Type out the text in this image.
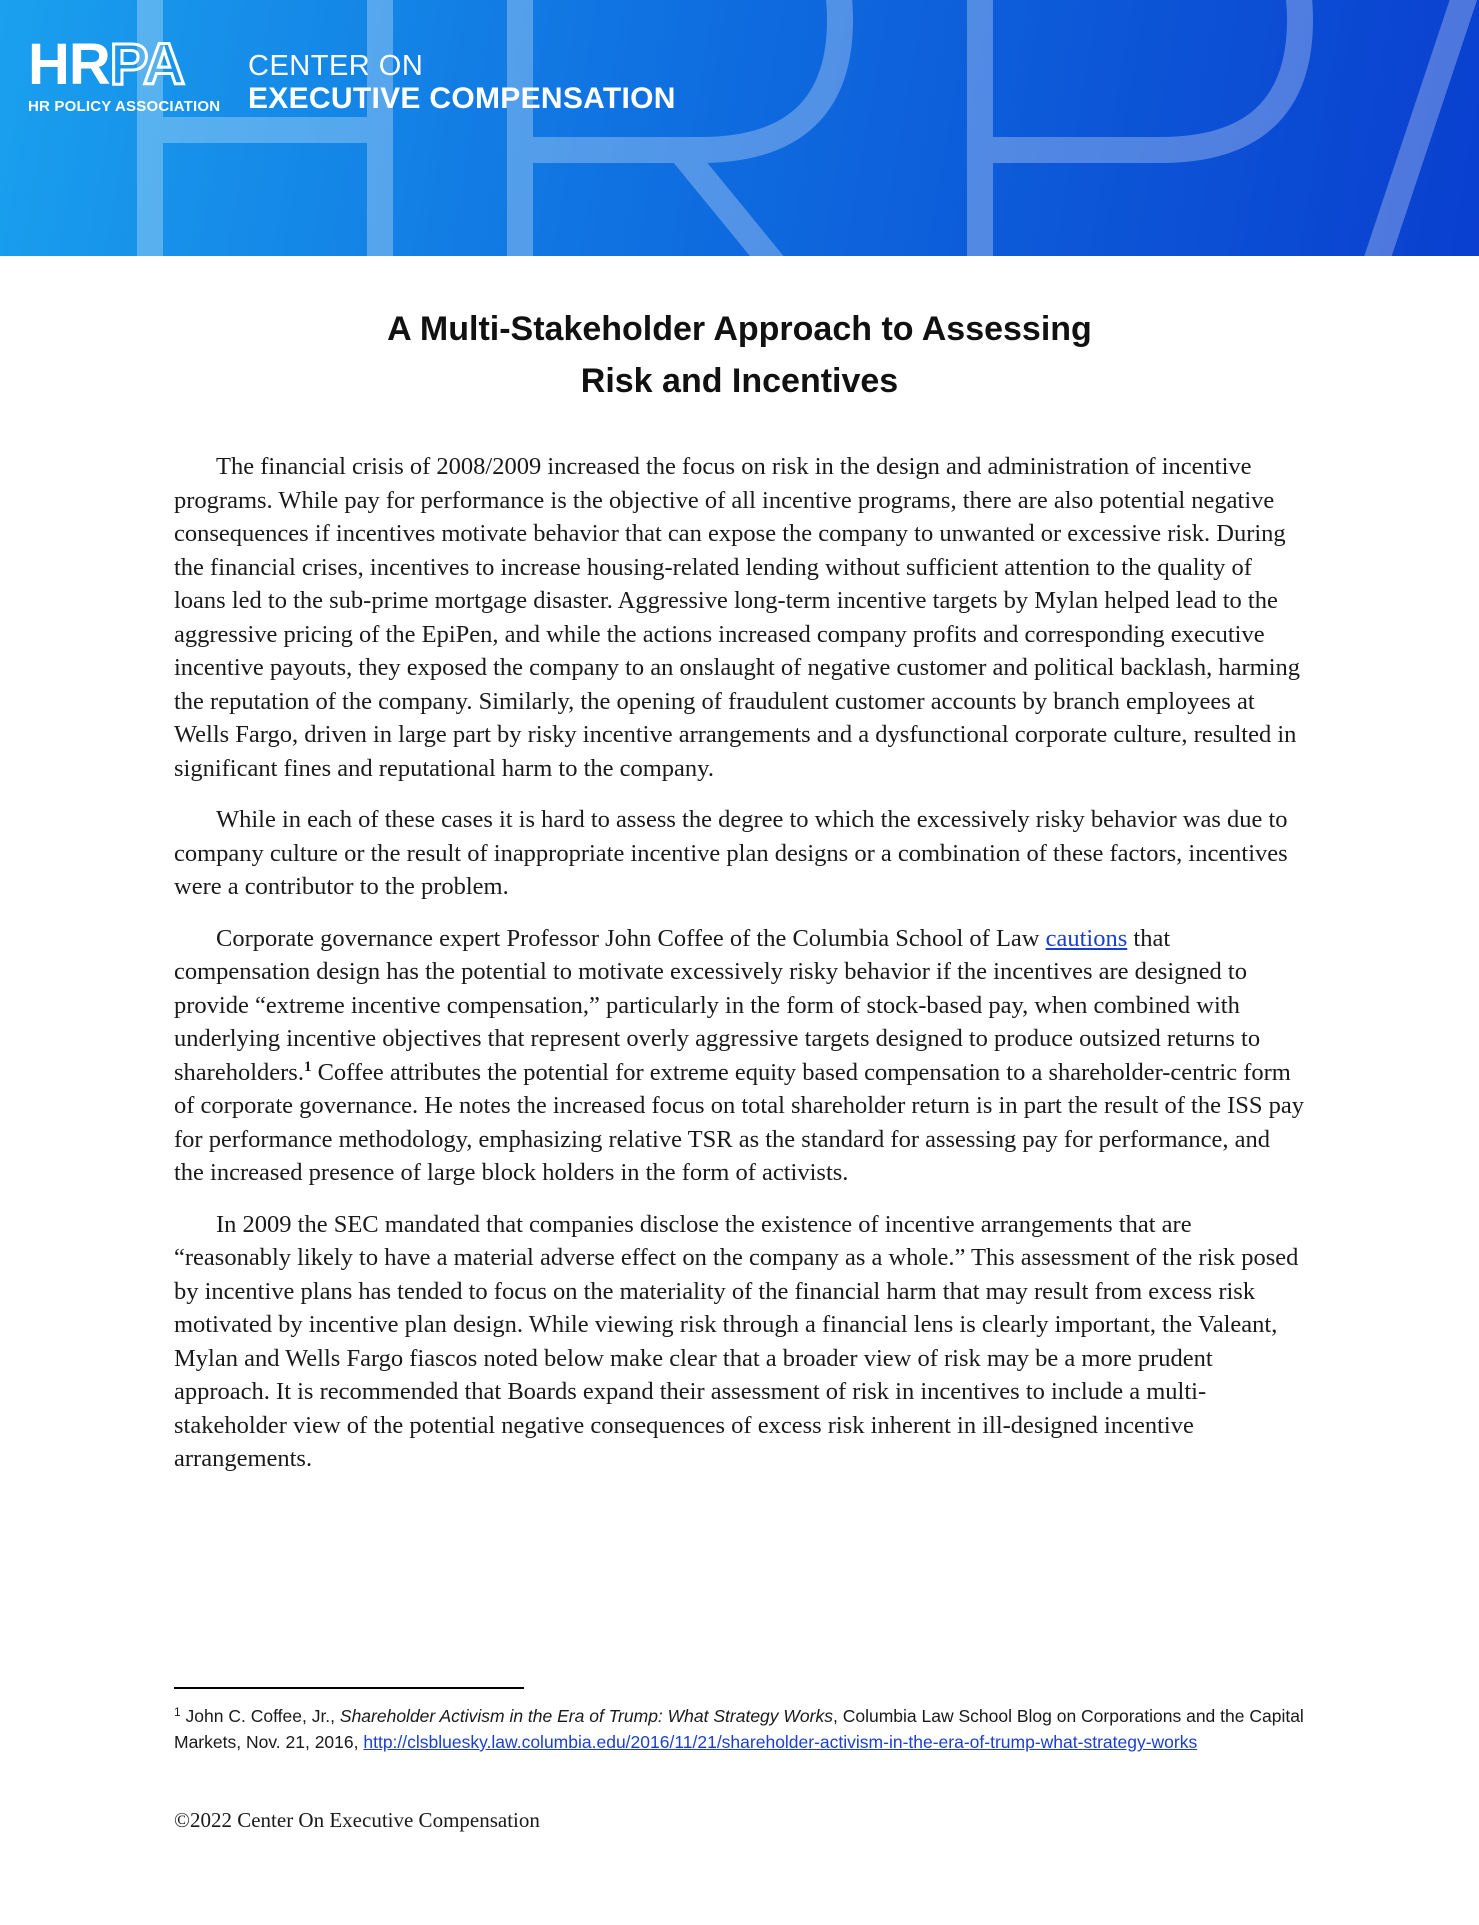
HRPA
HR POLICY ASSOCIATION
CENTER ON
EXECUTIVE COMPENSATION
A Multi-Stakeholder Approach to Assessing
Risk and Incentives

The financial crisis of 2008/2009 increased the focus on risk in the design and administration of incentive programs. While pay for performance is the objective of all incentive programs, there are also potential negative consequences if incentives motivate behavior that can expose the company to unwanted or excessive risk. During the financial crises, incentives to increase housing-related lending without sufficient attention to the quality of loans led to the sub-prime mortgage disaster. Aggressive long-term incentive targets by Mylan helped lead to the aggressive pricing of the EpiPen, and while the actions increased company profits and corresponding executive incentive payouts, they exposed the company to an onslaught of negative customer and political backlash, harming the reputation of the company. Similarly, the opening of fraudulent customer accounts by branch employees at Wells Fargo, driven in large part by risky incentive arrangements and a dysfunctional corporate culture, resulted in significant fines and reputational harm to the company.

While in each of these cases it is hard to assess the degree to which the excessively risky behavior was due to company culture or the result of inappropriate incentive plan designs or a combination of these factors, incentives were a contributor to the problem.

Corporate governance expert Professor John Coffee of the Columbia School of Law cautions that compensation design has the potential to motivate excessively risky behavior if the incentives are designed to provide “extreme incentive compensation,” particularly in the form of stock-based pay, when combined with underlying incentive objectives that represent overly aggressive targets designed to produce outsized returns to shareholders.$^1$ Coffee attributes the potential for extreme equity based compensation to a shareholder-centric form of corporate governance. He notes the increased focus on total shareholder return is in part the result of the ISS pay for performance methodology, emphasizing relative TSR as the standard for assessing pay for performance, and the increased presence of large block holders in the form of activists.

In 2009 the SEC mandated that companies disclose the existence of incentive arrangements that are “reasonably likely to have a material adverse effect on the company as a whole.” This assessment of the risk posed by incentive plans has tended to focus on the materiality of the financial harm that may result from excess risk motivated by incentive plan design. While viewing risk through a financial lens is clearly important, the Valeant, Mylan and Wells Fargo fiascos noted below make clear that a broader view of risk may be a more prudent approach. It is recommended that Boards expand their assessment of risk in incentives to include a multi-stakeholder view of the potential negative consequences of excess risk inherent in ill-designed incentive arrangements.

$^1$ John C. Coffee, Jr., Shareholder Activism in the Era of Trump: What Strategy Works, Columbia Law School Blog on Corporations and the Capital Markets, Nov. 21, 2016, http://clsbluesky.law.columbia.edu/2016/11/21/shareholder-activism-in-the-era-of-trump-what-strategy-works
©2022 Center On Executive Compensation
